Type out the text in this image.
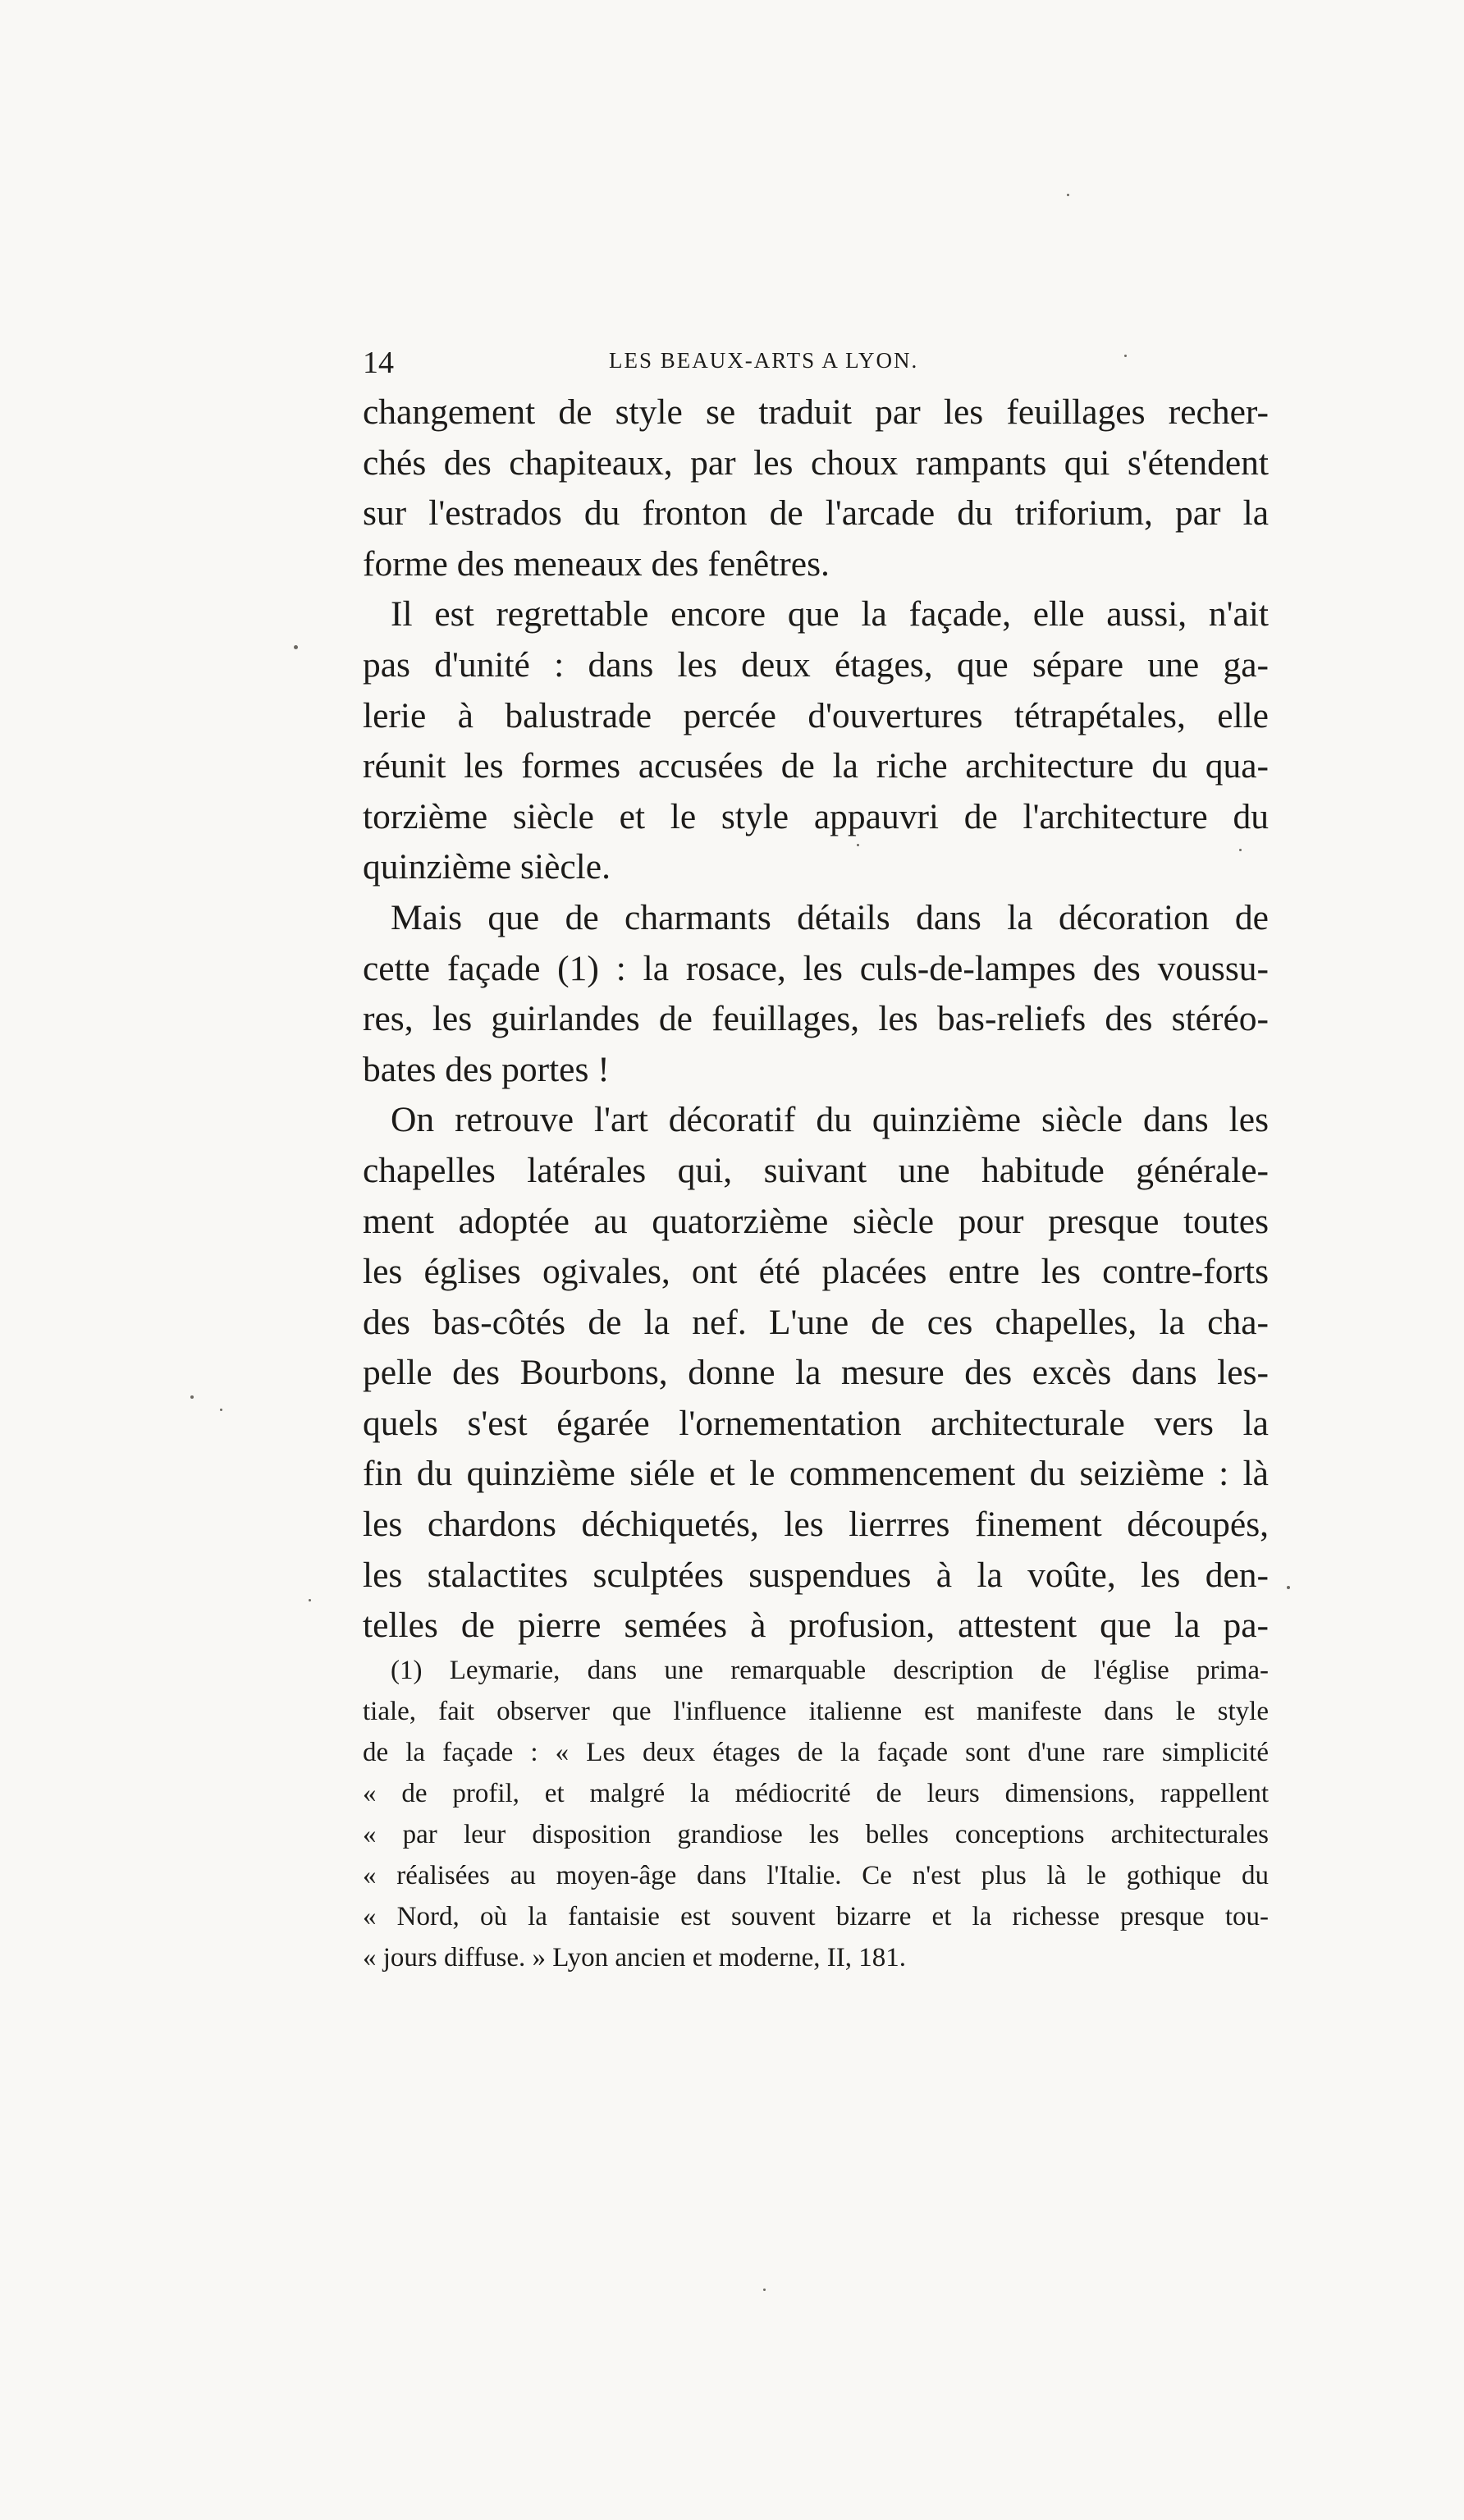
14	LES BEAUX-ARTS A LYON.
changement de style se traduit par les feuillages recher-
chés des chapiteaux, par les choux rampants qui s'étendent
sur l'estrados du fronton de l'arcade du triforium, par la
forme des meneaux des fenêtres.
Il est regrettable encore que la façade, elle aussi, n'ait
pas d'unité : dans les deux étages, que sépare une ga-
lerie à balustrade percée d'ouvertures tétrapétales, elle
réunit les formes accusées de la riche architecture du qua-
torzième siècle et le style appauvri de l'architecture du
quinzième siècle.
Mais que de charmants détails dans la décoration de
cette façade (1) : la rosace, les culs-de-lampes des voussu-
res, les guirlandes de feuillages, les bas-reliefs des stéréo-
bates des portes !
On retrouve l'art décoratif du quinzième siècle dans les
chapelles latérales qui, suivant une habitude générale-
ment adoptée au quatorzième siècle pour presque toutes
les églises ogivales, ont été placées entre les contre-forts
des bas-côtés de la nef. L'une de ces chapelles, la cha-
pelle des Bourbons, donne la mesure des excès dans les-
quels s'est égarée l'ornementation architecturale vers la
fin du quinzième siéle et le commencement du seizième : là
les chardons déchiquetés, les lierrres finement découpés,
les stalactites sculptées suspendues à la voûte, les den-
telles de pierre semées à profusion, attestent que la pa-
(1) Leymarie, dans une remarquable description de l'église prima-
tiale, fait observer que l'influence italienne est manifeste dans le style
de la façade : « Les deux étages de la façade sont d'une rare simplicité
« de profil, et malgré la médiocrité de leurs dimensions, rappellent
« par leur disposition grandiose les belles conceptions architecturales
« réalisées au moyen-âge dans l'Italie. Ce n'est plus là le gothique du
« Nord, où la fantaisie est souvent bizarre et la richesse presque tou-
« jours diffuse. » Lyon ancien et moderne, II, 181.
